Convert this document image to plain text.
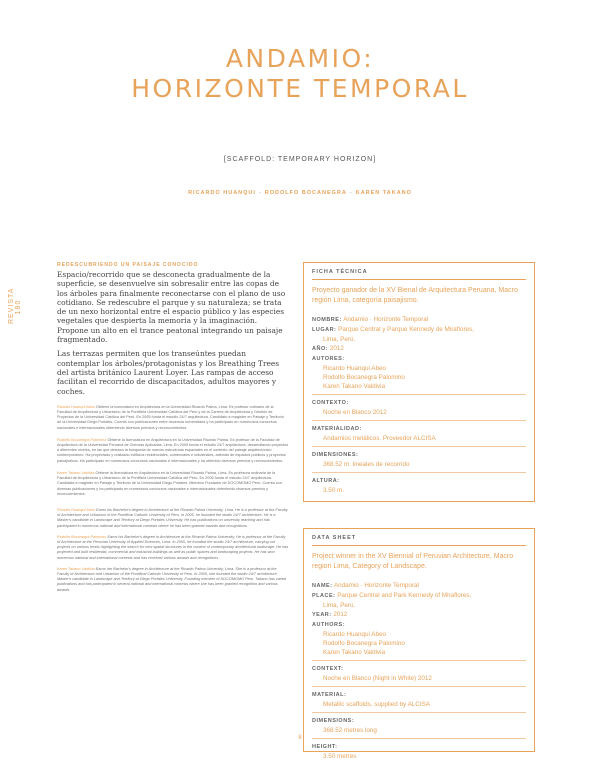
ANDAMIO:
HORIZONTE TEMPORAL
[SCAFFOLD: TEMPORARY HORIZON]
RICARDO HUANQUI - RODOLFO BOCANEGRA - KAREN TAKANO
REVISTA 180
REDESCUBRIENDO UN PAISAJE CONOCIDO

Espacio/recorrido que se desconecta gradualmente de la superficie, se desenvuelve sin sobresalir entre las copas de los árboles para finalmente reconectarse con el plano de uso cotidiano. Se redescubre el parque y su naturaleza; se trata de un nexo horizontal entre el espacio público y las especies vegetales que despierta la memoria y la imaginación. Propone un alto en el trance peatonal integrando un paisaje fragmentado.

Las terrazas permiten que los transeúntes puedan contemplar los árboles/protagonistas y los Breathing Trees del artista británico Laurent Loyer. Las rampas de acceso facilitan el recorrido de discapacitados, adultos mayores y coches.

Ricardo Huanqui Abeo Obtiene la licenciatura en Arquitectura en la Universidad Ricardo Palma, Lima. Es profesor ordinario de la Facultad de Arquitectura y Urbanismo de la Pontificia Universidad Católica del Perú y de la Carrera de Arquitectura y Gestión de Proyectos de la Universidad Católica del Perú. En 2005 funda el estudio 24/7 arquitectura. Candidato a magíster en Paisaje y Territorio de la Universidad Diego Portales. Cuenta con publicaciones entre docencia universitaria y ha participado en numerosos concursos nacionales e internacionales obteniendo diversos premios y reconocimientos.

Rodolfo Bocanegra Palomino Obtiene la licenciatura en Arquitectura en la Universidad Ricardo Palma. Es profesor de la Facultad de Arquitectura de la Universidad Peruana de Ciencias Aplicadas, Lima. En 2005 funda el estudio 24/7 arquitectura, desarrollando proyectos a diferentes niveles, en las que destaca la búsqueda de nuevos estructuras espaciales en el contexto del paisaje arquitectónico contemporáneo. Ha proyectado y realizado edificios residenciales, comerciales e industriales, además de espacios públicos y proyectos paisajísticos. Ha participado en numerosos concursos nacionales e internacionales y ha obtenido diversos premios y reconocimientos.

Karen Takano Valdivia Obtiene la licenciatura en Arquitectura en la Universidad Ricardo Palma, Lima. Es profesora ordinaria de la Facultad de Arquitectura y Urbanismo de la Pontificia Universidad Católica del Perú. En 2005 funda el estudio 24/7 arquitectura. Candidata a magíster en Paisaje y Territorio de la Universidad Diego Portales. Miembro Fundador de DOCOMOMO Perú. Cuenta con diversas publicaciones y ha participado en numerosos concursos nacionales e internacionales obteniendo diversos premios y reconocimientos.

Ricardo Huanqui Abeo Earns his Bachelor's degree in Architecture at the Ricardo Palma University, Lima. He is a professor at the Faculty of Architecture and Urbanism of the Pontifical Catholic University of Peru. In 2005, he founded the studio 24/7 architecture. He is a Master's candidate in Landscape and Territory at Diego Portales University. He has publications on university teaching and has participated in numerous national and international contests where he has been granted awards and recognitions.

Rodolfo Bocanegra Palomino Earns his Bachelor's degree in Architecture at the Ricardo Palma University. He is professor at the Faculty of Architecture at the Peruvian University of Applied Sciences, Lima. In 2005, he founded the studio 24/7 architecture, carrying out projects on various levels highlighting the search for new spatial structures in the context of contemporary architectural landscape. He has projected and built residential, commercial and industrial buildings as well as public spaces and landscaping projects. He has won numerous national and international contests and has received various awards and recognitions.

Karen Takano Valdivia Earns her Bachelor's degree in Architecture at the Ricardo Palma University, Lima. She is a professor at the Faculty of Architecture and Urbanism of the Pontifical Catholic University of Peru. In 2005, she founded the studio 24/7 architecture. Master's candidate in Landscape and Territory at Diego Portales University. Founding member of DOCOMOMO Peru. Takano has varied publications and has participated in several national and international contests where she has been granted recognition and various awards.

FICHA TÉCNICA
Proyecto ganador de la XV Bienal de Arquitectura Peruana, Macro región Lima, categoría paisajismo.
NOMBRE: Andamio · Horizonte Temporal
LUGAR: Parque Central y Parque Kennedy de Miraflores,
Lima, Perú.
AÑO: 2012
AUTORES:
Ricardo Huanqui Abeo
Rodolfo Bocanegra Palomino
Karen Takano Valdivia
CONTEXTO:
Noche en Blanco 2012
MATERIALIDAD:
Andamios metálicos. Proveedor ALCISA
DIMENSIONES:
368.52 m. lineales de recorrido
ALTURA:
3.50 m.
DATA SHEET
Project winner in the XV Biennial of Peruvian Architecture, Macro region Lima, Category of Landscape.
NAME: Andamio · Horizonte Temporal
PLACE: Parque Central and Park Kennedy of Miraflores,
Lima, Peru.
YEAR: 2012
AUTHORS:
Ricardo Huanqui Abeo
Rodolfo Bocanegra Palomino
Karen Takano Valdivia
CONTEXT:
Noche en Blanco (Night in White) 2012
MATERIAL:
Metallic scaffolds, supplied by ALCISA
DIMENSIONS:
368.52 metres long
HEIGHT:
3.50 metres
8
